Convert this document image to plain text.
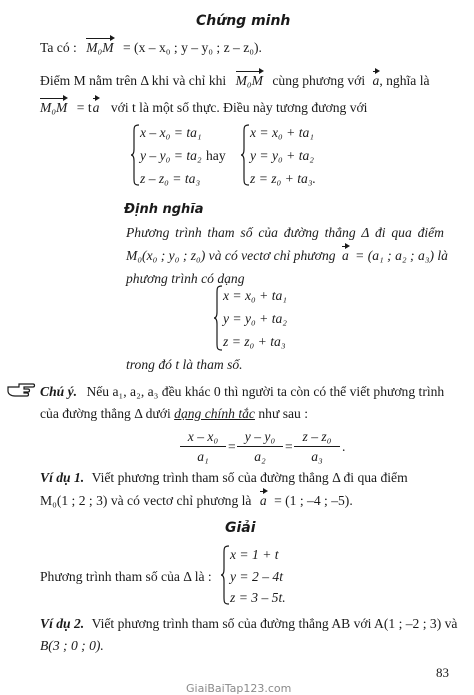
Chứng minh
Ta có : M₀M = (x – x₀ ; y – y₀ ; z – z₀).
Điểm M nằm trên Δ khi và chỉ khi M₀M cùng phương với a, nghĩa là
M₀M = ta với t là một số thực. Điều này tương đương với
x – x₀ = ta₁
y – y₀ = ta₂
z – z₀ = ta₃
hay
x = x₀ + ta₁
y = y₀ + ta₂
z = z₀ + ta₃.
Định nghĩa
Phương trình tham số của đường thẳng Δ đi qua điểm
M₀(x₀ ; y₀ ; z₀) và có vectơ chỉ phương a = (a₁ ; a₂ ; a₃) là
phương trình có dạng
x = x₀ + ta₁
y = y₀ + ta₂
z = z₀ + ta₃
trong đó t là tham số.
Chú ý. Nếu a₁, a₂, a₃ đều khác 0 thì người ta còn có thể viết phương trình
của đường thẳng Δ dưới dạng chính tắc như sau :
$\frac{\text{x – x₀}}{\text{a₁}} = \frac{\text{y – y₀}}{\text{a₂}} = \frac{\text{z – z₀}}{\text{a₃}}$ .
Ví dụ 1. Viết phương trình tham số của đường thẳng Δ đi qua điểm
M₀(1 ; 2 ; 3) và có vectơ chỉ phương là a = (1 ; –4 ; –5).
Giải
Phương trình tham số của Δ là :
x = 1 + t
y = 2 – 4t
z = 3 – 5t.
Ví dụ 2. Viết phương trình tham số của đường thẳng AB với A(1 ; –2 ; 3) và
B(3 ; 0 ; 0).
83
GiaiBaiTap123.com
